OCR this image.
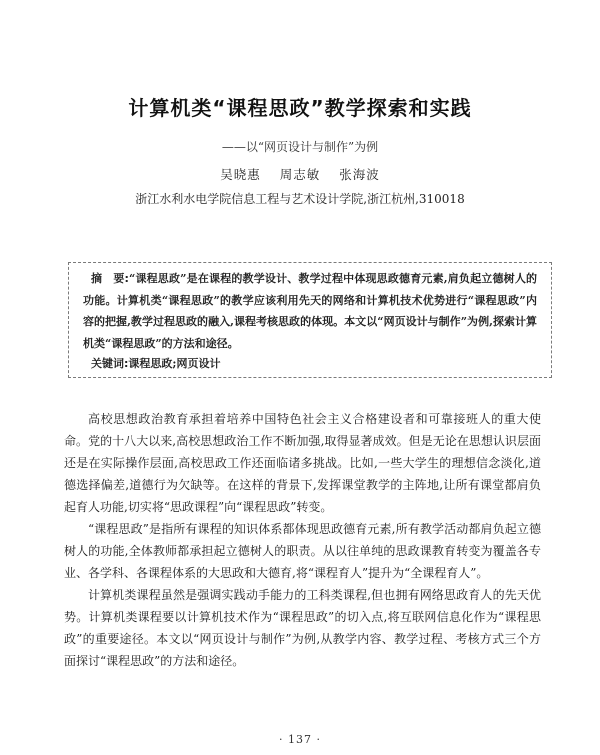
计算机类“课程思政”教学探索和实践
——以“网页设计与制作”为例
吴晓惠 周志敏 张海波
浙江水利水电学院信息工程与艺术设计学院,浙江杭州,310018

摘　要:“课程思政”是在课程的教学设计、教学过程中体现思政德育元素,肩负起立德树人的功能。计算机类“课程思政”的教学应该利用先天的网络和计算机技术优势进行“课程思政”内容的把握,教学过程思政的融入,课程考核思政的体现。本文以“网页设计与制作”为例,探索计算机类“课程思政”的方法和途径。

关键词:课程思政;网页设计

高校思想政治教育承担着培养中国特色社会主义合格建设者和可靠接班人的重大使命。党的十八大以来,高校思想政治工作不断加强,取得显著成效。但是无论在思想认识层面还是在实际操作层面,高校思政工作还面临诸多挑战。比如,一些大学生的理想信念淡化,道德选择偏差,道德行为欠缺等。在这样的背景下,发挥课堂教学的主阵地,让所有课堂都肩负起育人功能,切实将“思政课程”向“课程思政”转变。

“课程思政”是指所有课程的知识体系都体现思政德育元素,所有教学活动都肩负起立德树人的功能,全体教师都承担起立德树人的职责。从以往单纯的思政课教育转变为覆盖各专业、各学科、各课程体系的大思政和大德育,将“课程育人”提升为“全课程育人”。

计算机类课程虽然是强调实践动手能力的工科类课程,但也拥有网络思政育人的先天优势。计算机类课程要以计算机技术作为“课程思政”的切入点,将互联网信息化作为“课程思政”的重要途径。本文以“网页设计与制作”为例,从教学内容、教学过程、考核方式三个方面探讨“课程思政”的方法和途径。

· 137 ·
